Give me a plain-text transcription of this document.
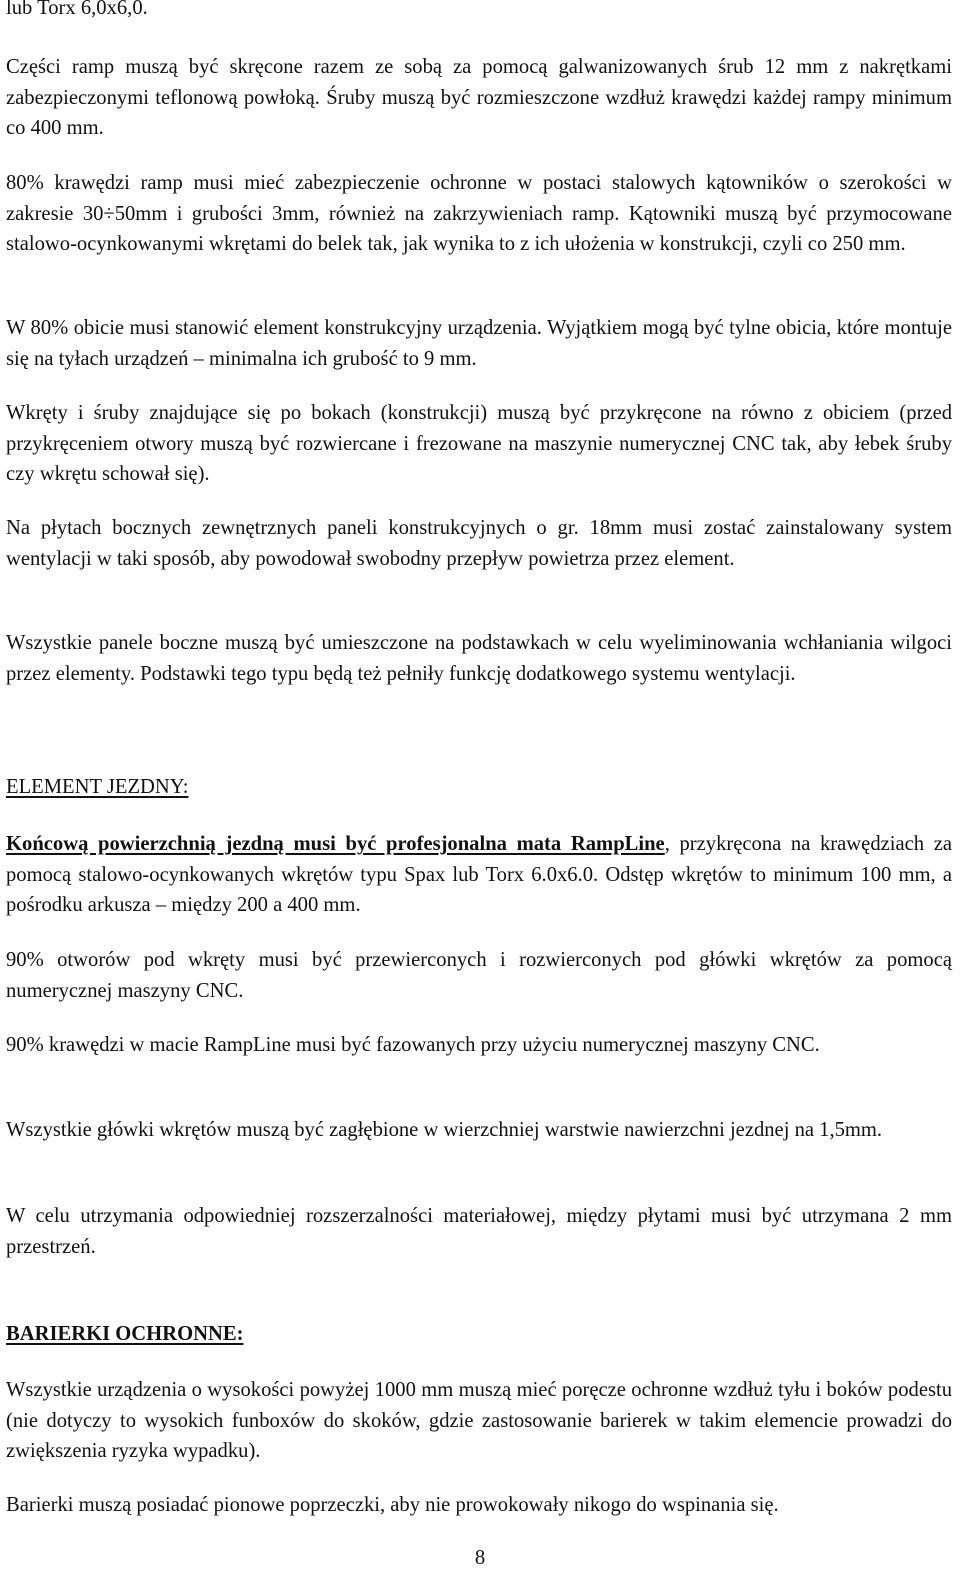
lub Torx 6,0x6,0.

Części ramp muszą być skręcone razem ze sobą za pomocą galwanizowanych śrub 12 mm z nakrętkami zabezpieczonymi teflonową powłoką. Śruby muszą być rozmieszczone wzdłuż krawędzi każdej rampy minimum co 400 mm.

80% krawędzi ramp musi mieć zabezpieczenie ochronne w postaci stalowych kątowników o szerokości w zakresie 30÷50mm i grubości 3mm, również na zakrzywieniach ramp. Kątowniki muszą być przymocowane stalowo-ocynkowanymi wkrętami do belek tak, jak wynika to z ich ułożenia w konstrukcji, czyli co 250 mm.

W 80% obicie musi stanowić element konstrukcyjny urządzenia. Wyjątkiem mogą być tylne obicia, które montuje się na tyłach urządzeń – minimalna ich grubość to 9 mm.

Wkręty i śruby znajdujące się po bokach (konstrukcji) muszą być przykręcone na równo z obiciem (przed przykręceniem otwory muszą być rozwiercane i frezowane na maszynie numerycznej CNC tak, aby łebek śruby czy wkrętu schował się).

Na płytach bocznych zewnętrznych paneli konstrukcyjnych o gr. 18mm musi zostać zainstalowany system wentylacji w taki sposób, aby powodował swobodny przepływ powietrza przez element.

Wszystkie panele boczne muszą być umieszczone na podstawkach w celu wyeliminowania wchłaniania wilgoci przez elementy. Podstawki tego typu będą też pełniły funkcję dodatkowego systemu wentylacji.

ELEMENT JEZDNY:

Końcową powierzchnią jezdną musi być profesjonalna mata RampLine, przykręcona na krawędziach za pomocą stalowo-ocynkowanych wkrętów typu Spax lub Torx 6.0x6.0. Odstęp wkrętów to minimum 100 mm, a pośrodku arkusza – między 200 a 400 mm.

90% otworów pod wkręty musi być przewierconych i rozwierconych pod główki wkrętów za pomocą numerycznej maszyny CNC.

90% krawędzi w macie RampLine musi być fazowanych przy użyciu numerycznej maszyny CNC.

Wszystkie główki wkrętów muszą być zagłębione w wierzchniej warstwie nawierzchni jezdnej na 1,5mm.

W celu utrzymania odpowiedniej rozszerzalności materiałowej, między płytami musi być utrzymana 2 mm przestrzeń.

BARIERKI OCHRONNE:

Wszystkie urządzenia o wysokości powyżej 1000 mm muszą mieć poręcze ochronne wzdłuż tyłu i boków podestu (nie dotyczy to wysokich funboxów do skoków, gdzie zastosowanie barierek w takim elemencie prowadzi do zwiększenia ryzyka wypadku).

Barierki muszą posiadać pionowe poprzeczki, aby nie prowokowały nikogo do wspinania się.

8
